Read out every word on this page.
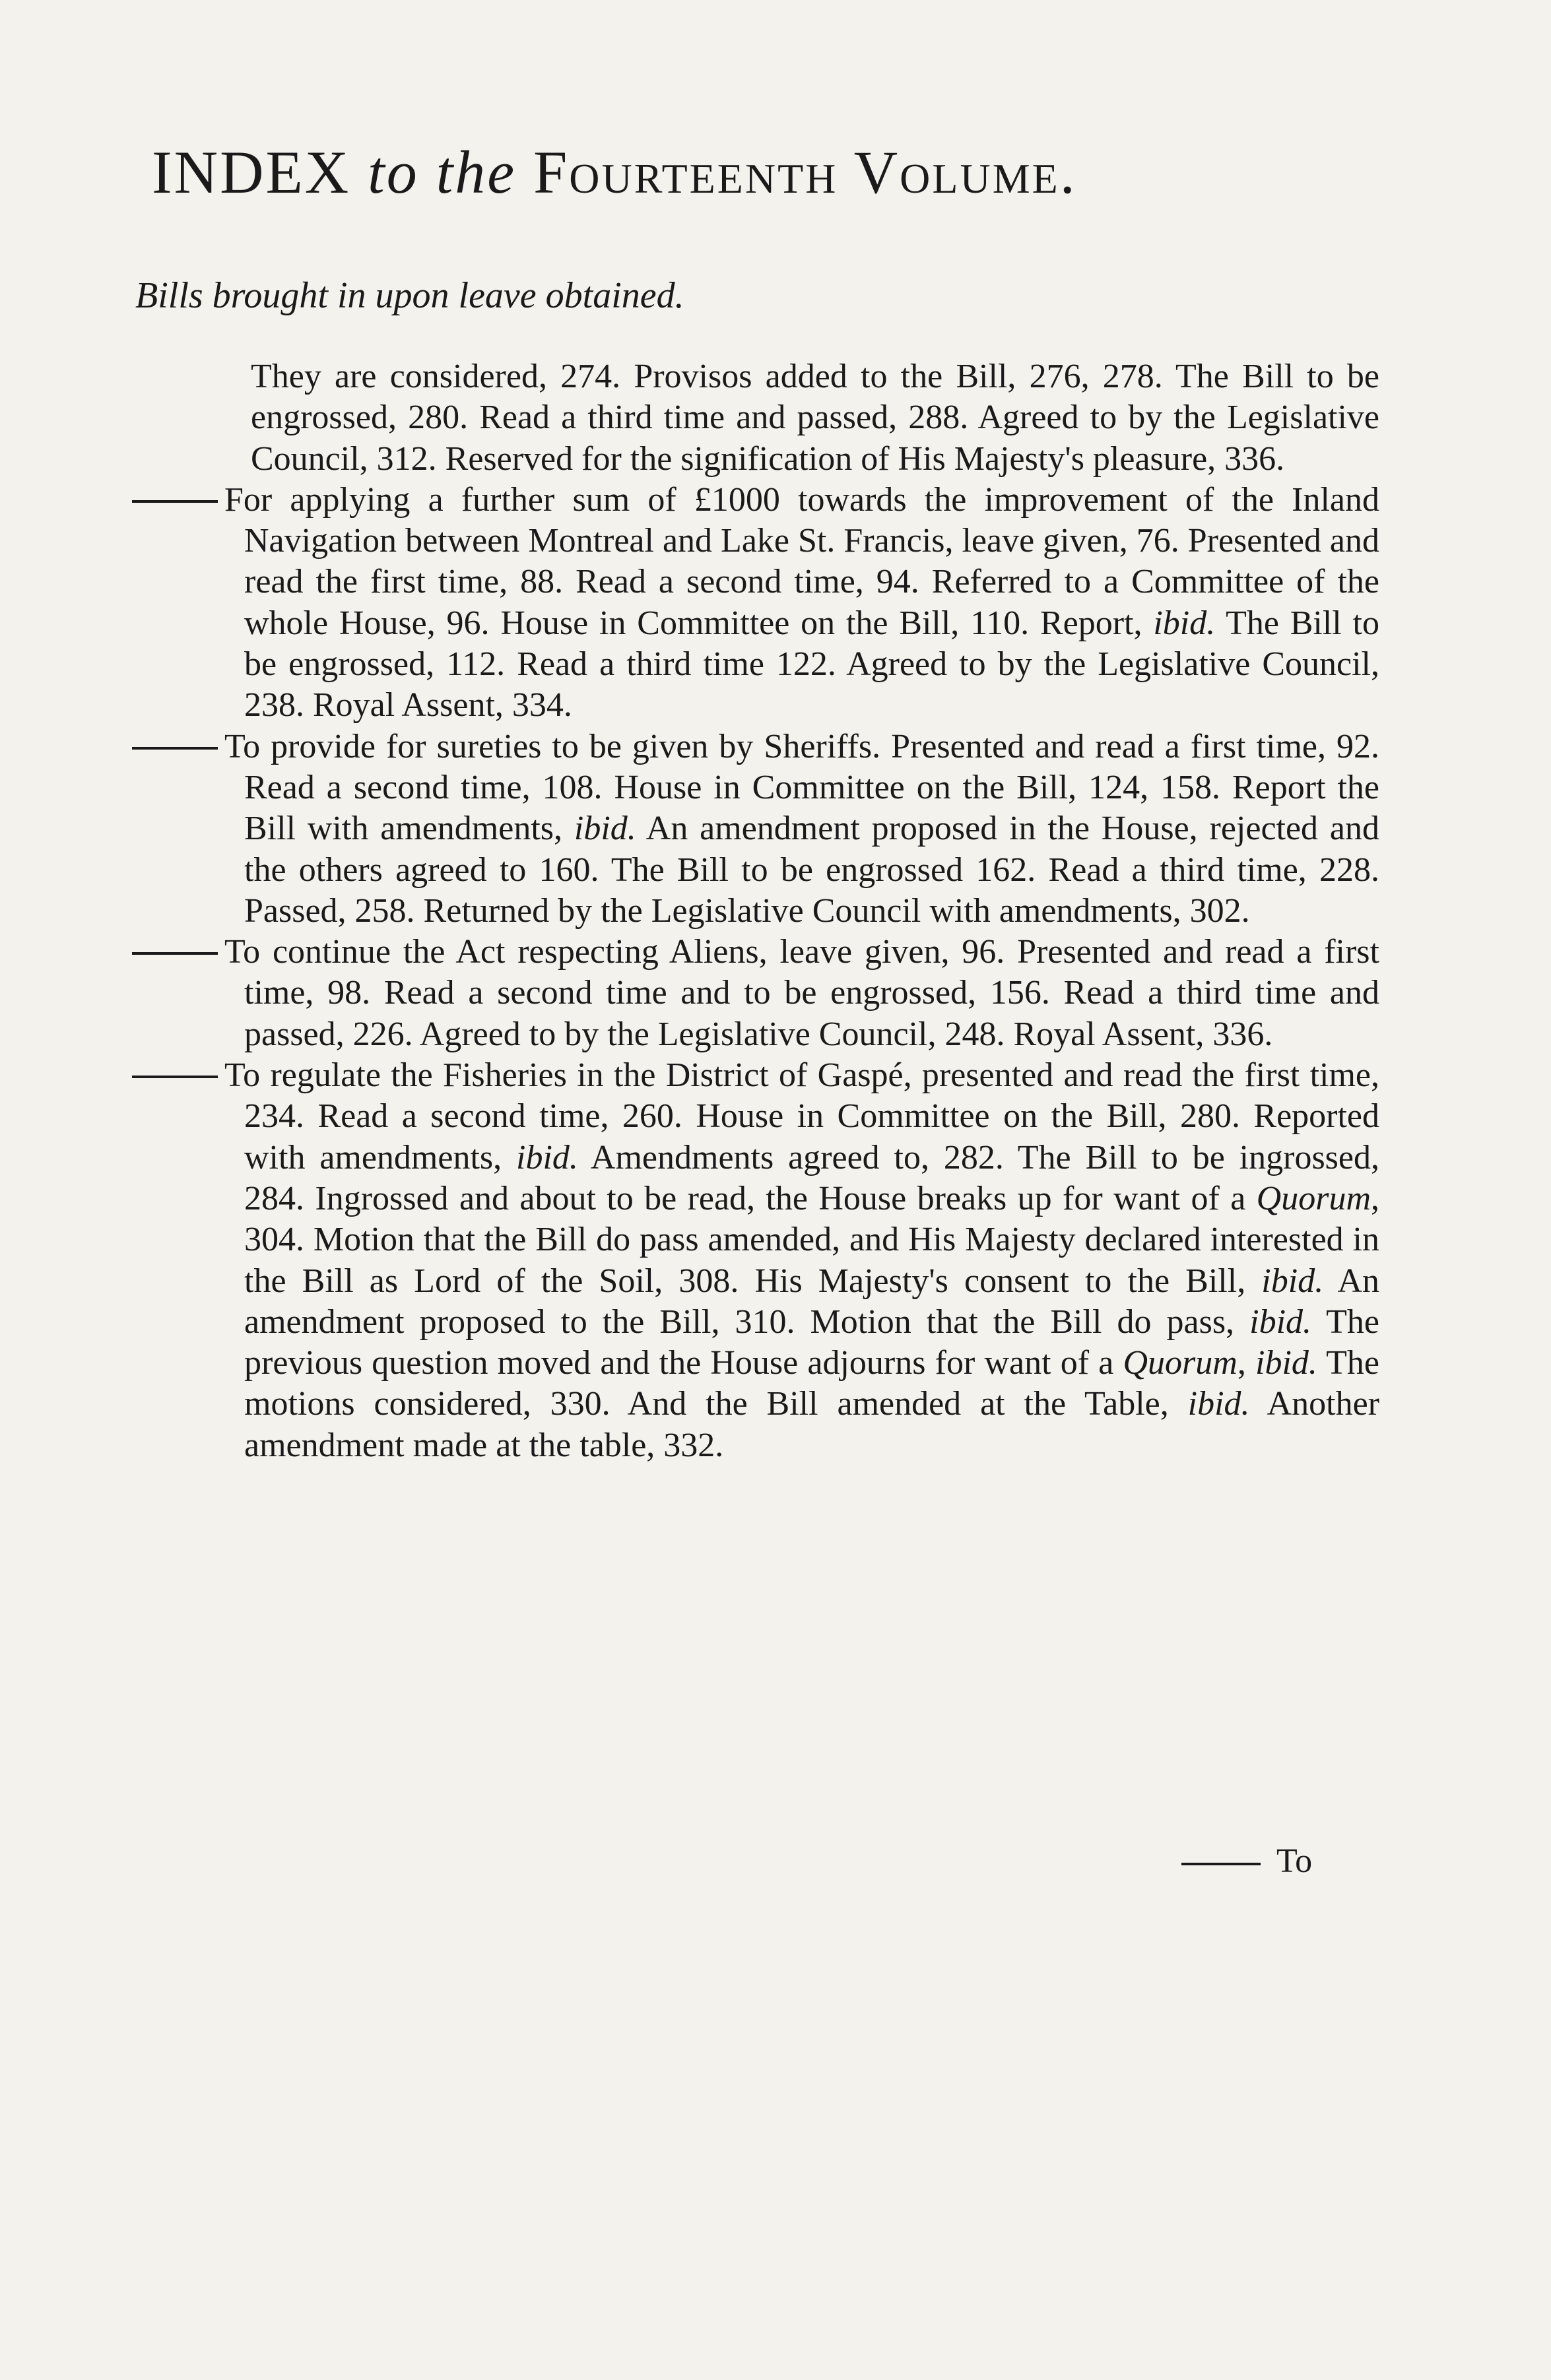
INDEX to the Fourteenth Volume.
Bills brought in upon leave obtained.

They are considered, 274. Provisos added to the Bill, 276, 278. The Bill to be engrossed, 280. Read a third time and passed, 288. Agreed to by the Legislative Council, 312. Reserved for the signification of His Majesty's pleasure, 336.

For applying a further sum of £1000 towards the improvement of the Inland Navigation between Montreal and Lake St. Francis, leave given, 76. Presented and read the first time, 88. Read a second time, 94. Referred to a Committee of the whole House, 96. House in Committee on the Bill, 110. Report, ibid. The Bill to be engrossed, 112. Read a third time 122. Agreed to by the Legislative Council, 238. Royal Assent, 334.

To provide for sureties to be given by Sheriffs. Presented and read a first time, 92. Read a second time, 108. House in Committee on the Bill, 124, 158. Report the Bill with amendments, ibid. An amendment proposed in the House, rejected and the others agreed to 160. The Bill to be engrossed 162. Read a third time, 228. Passed, 258. Returned by the Legislative Council with amendments, 302.

To continue the Act respecting Aliens, leave given, 96. Presented and read a first time, 98. Read a second time and to be engrossed, 156. Read a third time and passed, 226. Agreed to by the Legislative Council, 248. Royal Assent, 336.

To regulate the Fisheries in the District of Gaspé, presented and read the first time, 234. Read a second time, 260. House in Committee on the Bill, 280. Reported with amendments, ibid. Amendments agreed to, 282. The Bill to be ingrossed, 284. Ingrossed and about to be read, the House breaks up for want of a Quorum, 304. Motion that the Bill do pass amended, and His Majesty declared interested in the Bill as Lord of the Soil, 308. His Majesty's consent to the Bill, ibid. An amendment proposed to the Bill, 310. Motion that the Bill do pass, ibid. The previous question moved and the House adjourns for want of a Quorum, ibid. The motions considered, 330. And the Bill amended at the Table, ibid. Another amendment made at the table, 332.

To
